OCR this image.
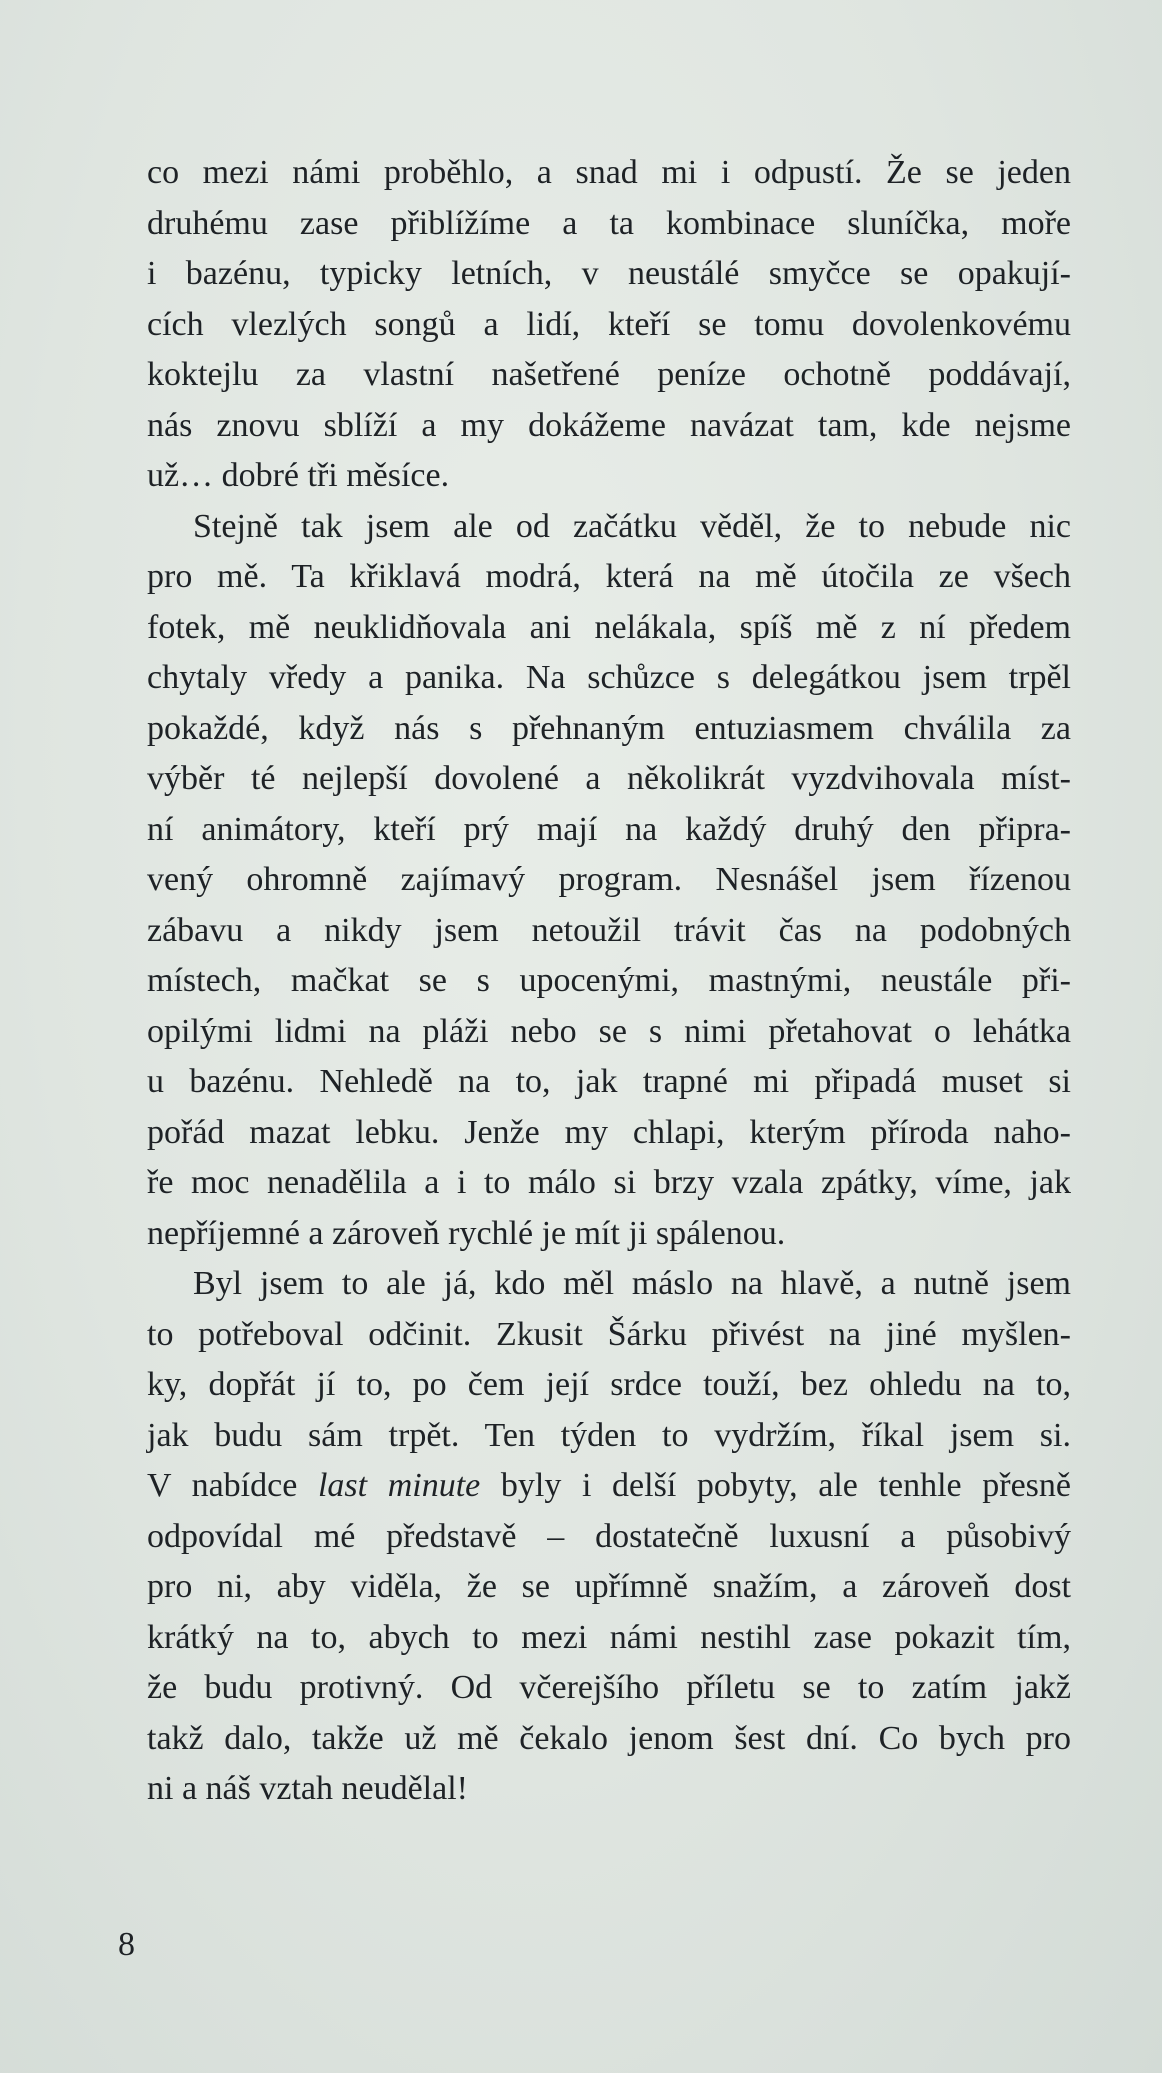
co mezi námi proběhlo, a snad mi i odpustí. Že se jeden
druhému zase přiblížíme a ta kombinace sluníčka, moře
i bazénu, typicky letních, v neustálé smyčce se opakují-
cích vlezlých songů a lidí, kteří se tomu dovolenkovému
koktejlu za vlastní našetřené peníze ochotně poddávají,
nás znovu sblíží a my dokážeme navázat tam, kde nejsme
už… dobré tři měsíce.

Stejně tak jsem ale od začátku věděl, že to nebude nic
pro mě. Ta křiklavá modrá, která na mě útočila ze všech
fotek, mě neuklidňovala ani nelákala, spíš mě z ní předem
chytaly vředy a panika. Na schůzce s delegátkou jsem trpěl
pokaždé, když nás s přehnaným entuziasmem chválila za
výběr té nejlepší dovolené a několikrát vyzdvihovala míst-
ní animátory, kteří prý mají na každý druhý den připra-
vený ohromně zajímavý program. Nesnášel jsem řízenou
zábavu a nikdy jsem netoužil trávit čas na podobných
místech, mačkat se s upocenými, mastnými, neustále při-
opilými lidmi na pláži nebo se s nimi přetahovat o lehátka
u bazénu. Nehledě na to, jak trapné mi připadá muset si
pořád mazat lebku. Jenže my chlapi, kterým příroda naho-
ře moc nenadělila a i to málo si brzy vzala zpátky, víme, jak
nepříjemné a zároveň rychlé je mít ji spálenou.

Byl jsem to ale já, kdo měl máslo na hlavě, a nutně jsem
to potřeboval odčinit. Zkusit Šárku přivést na jiné myšlen-
ky, dopřát jí to, po čem její srdce touží, bez ohledu na to,
jak budu sám trpět. Ten týden to vydržím, říkal jsem si.
V nabídce last minute byly i delší pobyty, ale tenhle přesně
odpovídal mé představě – dostatečně luxusní a působivý
pro ni, aby viděla, že se upřímně snažím, a zároveň dost
krátký na to, abych to mezi námi nestihl zase pokazit tím,
že budu protivný. Od včerejšího příletu se to zatím jakž
takž dalo, takže už mě čekalo jenom šest dní. Co bych pro
ni a náš vztah neudělal!

8
